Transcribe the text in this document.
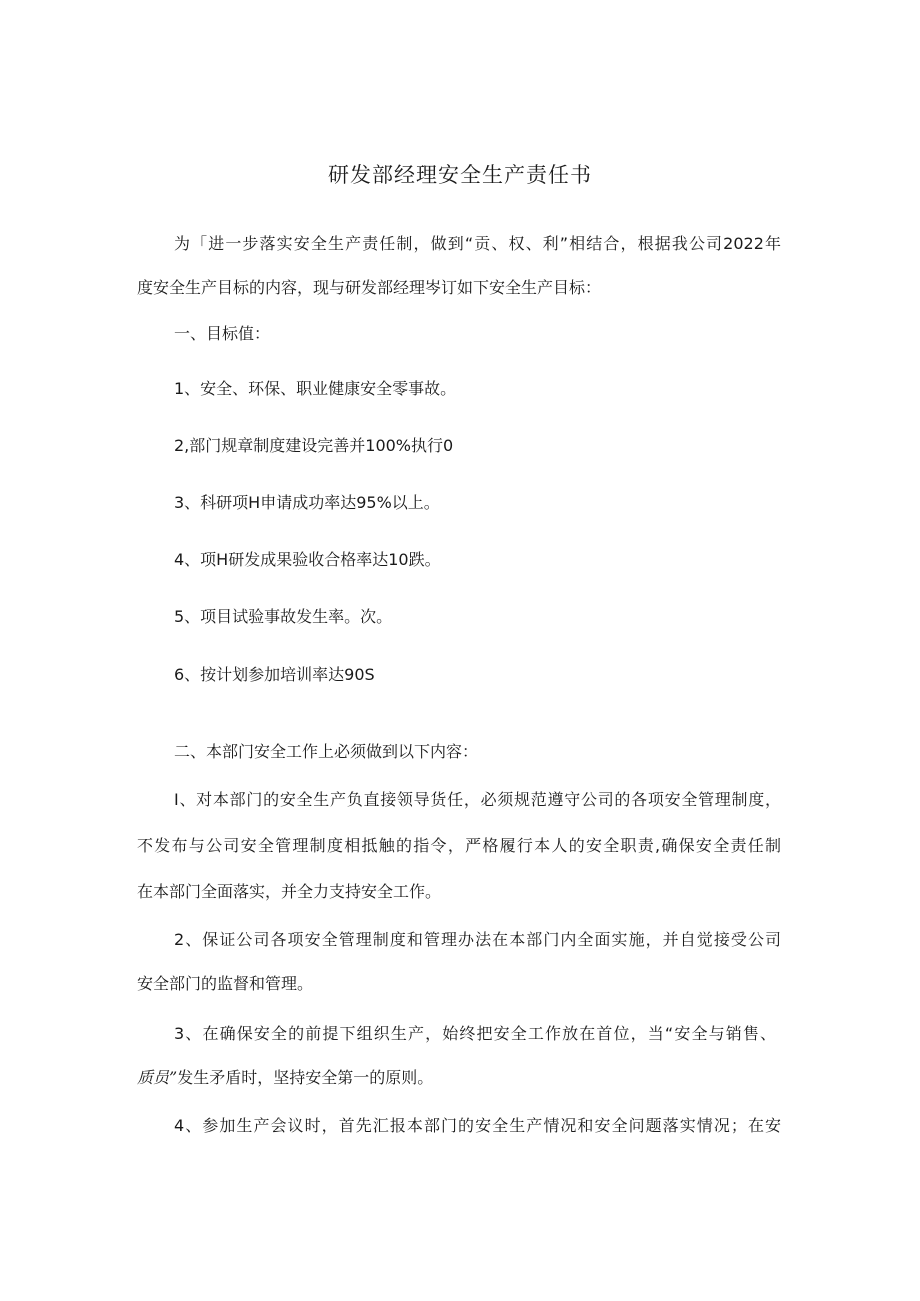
研发部经理安全生产责任书
为「进一步落实安全生产责任制，做到“贡、权、利”相结合，根据我公司2022年
度安全生产目标的内容，现与研发部经理岑订如下安全生产目标：
一、目标值：
1、安全、环保、职业健康安全零事故。
2,部门规章制度建设完善并100%执行0
3、科研项H申请成功率达95%以上。
4、项H研发成果验收合格率达10跌。
5、项目试验事故发生率。次。
6、按计划参加培训率达90S
二、本部门安全工作上必须做到以下内容：
I、对本部门的安全生产负直接领导货任，必须规范遵守公司的各项安全管理制度，
不发布与公司安全管理制度相抵触的指令，严格履行本人的安全职责,确保安全责任制
在本部门全面落实，并全力支持安全工作。
2、保证公司各项安全管理制度和管理办法在本部门内全面实施，并自觉接受公司
安全部门的监督和管理。
3、在确保安全的前提下组织生产，始终把安全工作放在首位，当“安全与销售、
质员”发生矛盾时，坚持安全第一的原则。
4、参加生产会议时，首先汇报本部门的安全生产情况和安全问题落实情况；在安
